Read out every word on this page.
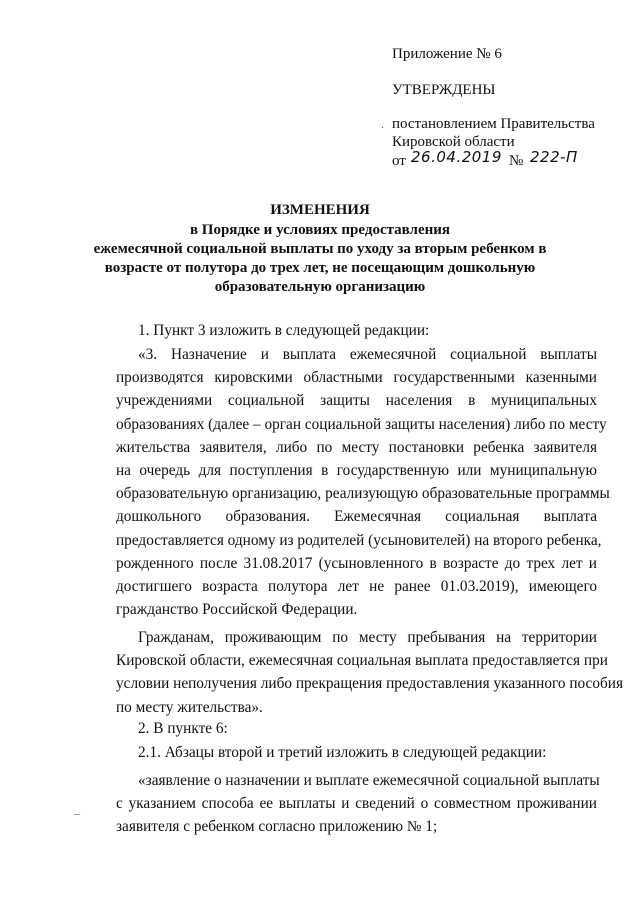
Приложение № 6
УТВЕРЖДЕНЫ
. постановлением Правительства
Кировской области
от 26.04.2019 № 222-П
ИЗМЕНЕНИЯ
в Порядке и условиях предоставления
ежемесячной социальной выплаты по уходу за вторым ребенком в
возрасте от полутора до трех лет, не посещающим дошкольную
образовательную организацию
1. Пункт 3 изложить в следующей редакции:
«3. Назначение и выплата ежемесячной социальной выплаты
производятся кировскими областными государственными казенными
учреждениями социальной защиты населения в муниципальных
образованиях (далее – орган социальной защиты населения) либо по месту
жительства заявителя, либо по месту постановки ребенка заявителя
на очередь для поступления в государственную или муниципальную
образовательную организацию, реализующую образовательные программы
дошкольного образования. Ежемесячная социальная выплата
предоставляется одному из родителей (усыновителей) на второго ребенка,
рожденного после 31.08.2017 (усыновленного в возрасте до трех лет и
достигшего возраста полутора лет не ранее 01.03.2019), имеющего
гражданство Российской Федерации.
Гражданам, проживающим по месту пребывания на территории
Кировской области, ежемесячная социальная выплата предоставляется при
условии неполучения либо прекращения предоставления указанного пособия
по месту жительства».
2. В пункте 6:
2.1. Абзацы второй и третий изложить в следующей редакции:
«заявление о назначении и выплате ежемесячной социальной выплаты
с указанием способа ее выплаты и сведений о совместном проживании
заявителя с ребенком согласно приложению № 1;
–
